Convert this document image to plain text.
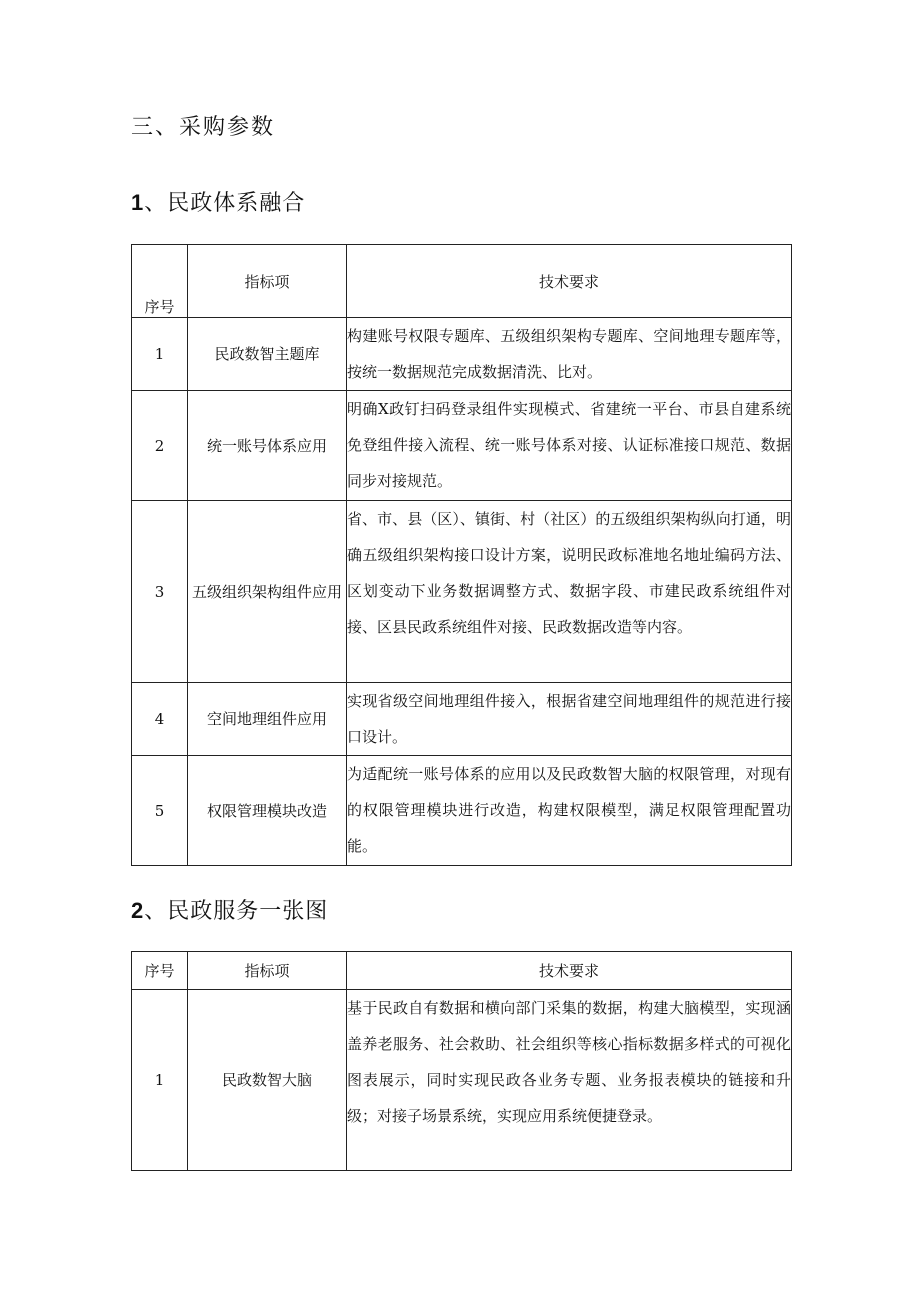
三、采购参数
1、民政体系融合
序号	指标项	技术要求
1	民政数智主题库	构建账号权限专题库、五级组织架构专题库、空间地理专题库等，按统一数据规范完成数据清洗、比对。
2	统一账号体系应用	明确X政钉扫码登录组件实现模式、省建统一平台、市县自建系统免登组件接入流程、统一账号体系对接、认证标准接口规范、数据同步对接规范。
3	五级组织架构组件应用	省、市、县（区）、镇街、村（社区）的五级组织架构纵向打通，明确五级组织架构接口设计方案，说明民政标准地名地址编码方法、区划变动下业务数据调整方式、数据字段、市建民政系统组件对接、区县民政系统组件对接、民政数据改造等内容。
4	空间地理组件应用	实现省级空间地理组件接入，根据省建空间地理组件的规范进行接口设计。
5	权限管理模块改造	为适配统一账号体系的应用以及民政数智大脑的权限管理，对现有的权限管理模块进行改造，构建权限模型，满足权限管理配置功能。
2、民政服务一张图
序号	指标项	技术要求
1	民政数智大脑	基于民政自有数据和横向部门采集的数据，构建大脑模型，实现涵盖养老服务、社会救助、社会组织等核心指标数据多样式的可视化图表展示，同时实现民政各业务专题、业务报表模块的链接和升级；对接子场景系统，实现应用系统便捷登录。
